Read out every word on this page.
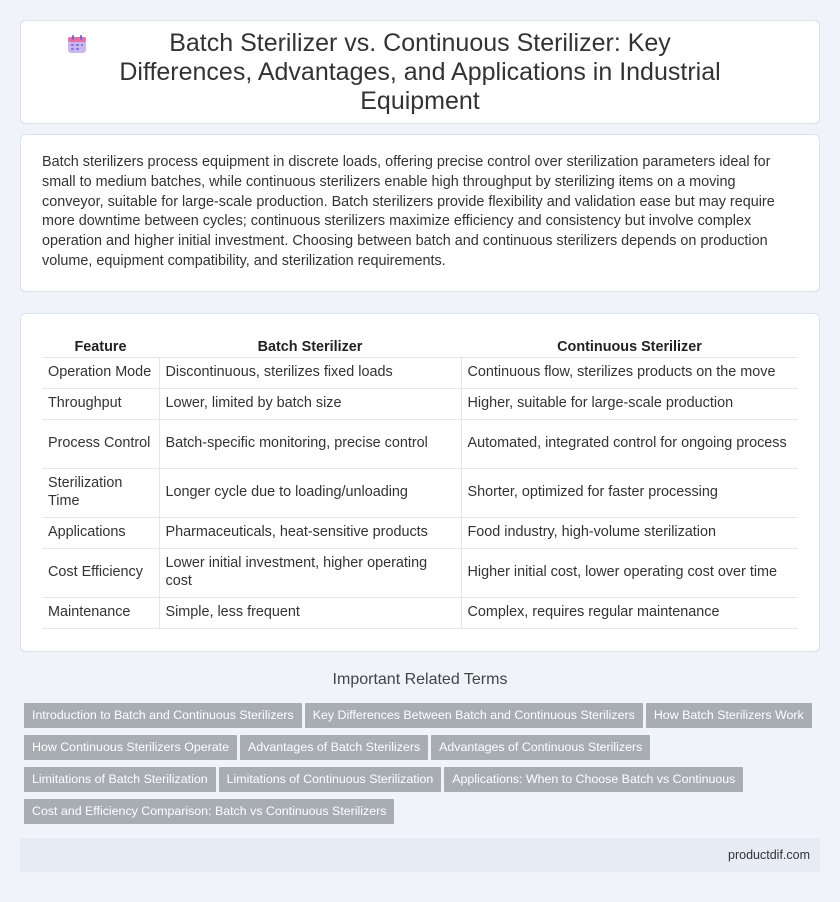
Batch Sterilizer vs. Continuous Sterilizer: Key Differences, Advantages, and Applications in Industrial Equipment

Batch sterilizers process equipment in discrete loads, offering precise control over sterilization parameters ideal for small to medium batches, while continuous sterilizers enable high throughput by sterilizing items on a moving conveyor, suitable for large-scale production. Batch sterilizers provide flexibility and validation ease but may require more downtime between cycles; continuous sterilizers maximize efficiency and consistency but involve complex operation and higher initial investment. Choosing between batch and continuous sterilizers depends on production volume, equipment compatibility, and sterilization requirements.

Feature	Batch Sterilizer	Continuous Sterilizer
Operation Mode	Discontinuous, sterilizes fixed loads	Continuous flow, sterilizes products on the move
Throughput	Lower, limited by batch size	Higher, suitable for large-scale production
Process Control	Batch-specific monitoring, precise control	Automated, integrated control for ongoing process
Sterilization Time	Longer cycle due to loading/unloading	Shorter, optimized for faster processing
Applications	Pharmaceuticals, heat-sensitive products	Food industry, high-volume sterilization
Cost Efficiency	Lower initial investment, higher operating cost	Higher initial cost, lower operating cost over time
Maintenance	Simple, less frequent	Complex, requires regular maintenance
Important Related Terms
Introduction to Batch and Continuous Sterilizers Key Differences Between Batch and Continuous Sterilizers How Batch Sterilizers Work
How Continuous Sterilizers Operate Advantages of Batch Sterilizers Advantages of Continuous Sterilizers
Limitations of Batch Sterilization Limitations of Continuous Sterilization Applications: When to Choose Batch vs Continuous
Cost and Efficiency Comparison: Batch vs Continuous Sterilizers
productdif.com
